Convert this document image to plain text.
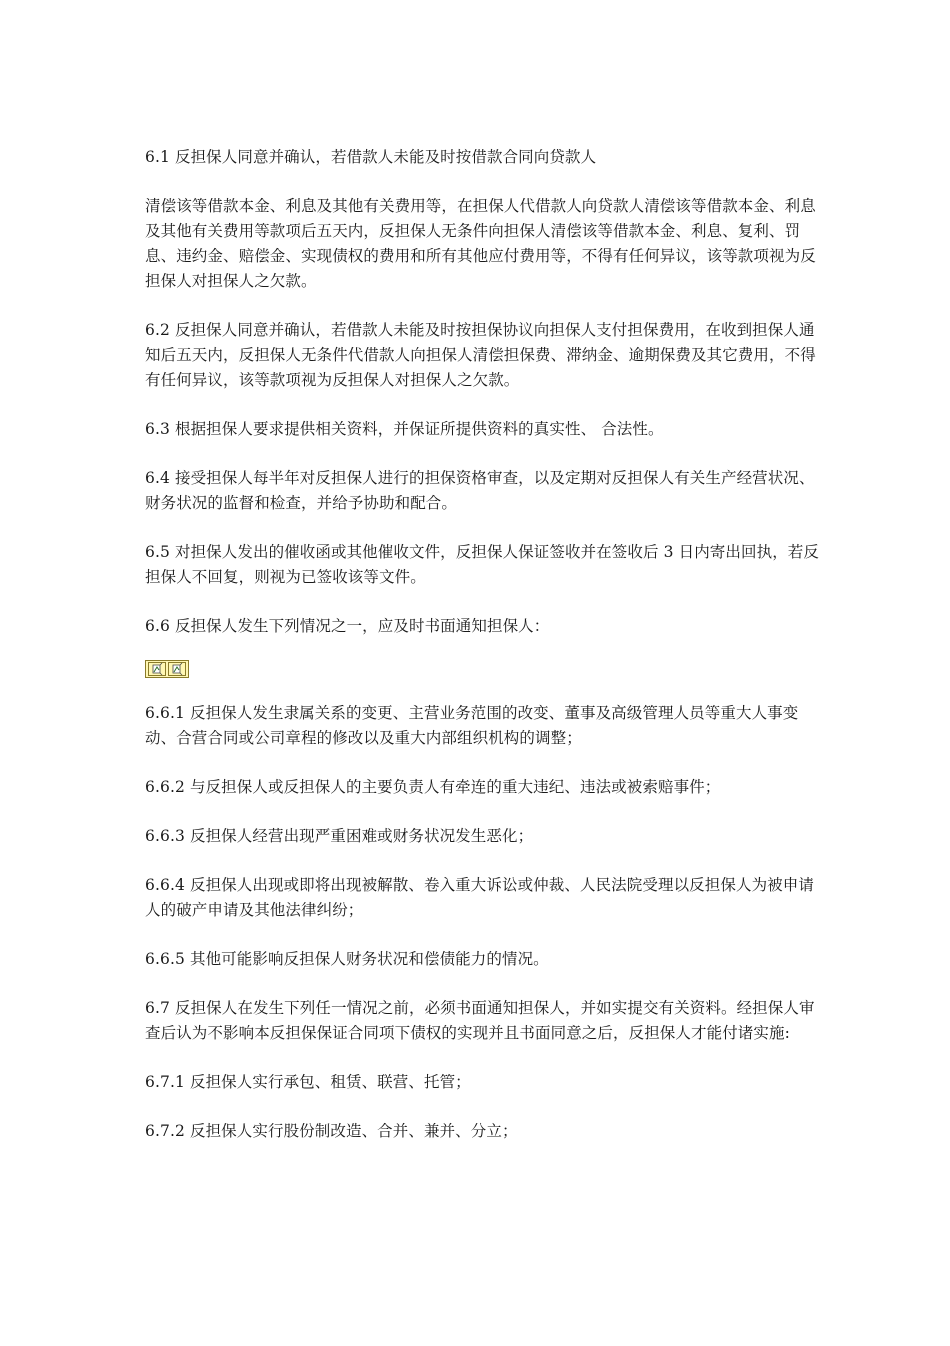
6.1 反担保人同意并确认，若借款人未能及时按借款合同向贷款人

清偿该等借款本金、利息及其他有关费用等，在担保人代借款人向贷款人清偿该等借款本金、利息及其他有关费用等款项后五天内，反担保人无条件向担保人清偿该等借款本金、利息、复利、罚息、违约金、赔偿金、实现债权的费用和所有其他应付费用等，不得有任何异议，该等款项视为反担保人对担保人之欠款。

6.2 反担保人同意并确认，若借款人未能及时按担保协议向担保人支付担保费用，在收到担保人通知后五天内，反担保人无条件代借款人向担保人清偿担保费、滞纳金、逾期保费及其它费用，不得有任何异议，该等款项视为反担保人对担保人之欠款。

6.3 根据担保人要求提供相关资料，并保证所提供资料的真实性、 合法性。

6.4 接受担保人每半年对反担保人进行的担保资格审查，以及定期对反担保人有关生产经营状况、财务状况的监督和检查，并给予协助和配合。

6.5 对担保人发出的催收函或其他催收文件，反担保人保证签收并在签收后 3 日内寄出回执，若反担保人不回复，则视为已签收该等文件。

6.6 反担保人发生下列情况之一，应及时书面通知担保人：

6.6.1 反担保人发生隶属关系的变更、主营业务范围的改变、董事及高级管理人员等重大人事变动、合营合同或公司章程的修改以及重大内部组织机构的调整；

6.6.2 与反担保人或反担保人的主要负责人有牵连的重大违纪、违法或被索赔事件；

6.6.3 反担保人经营出现严重困难或财务状况发生恶化；

6.6.4 反担保人出现或即将出现被解散、卷入重大诉讼或仲裁、人民法院受理以反担保人为被申请人的破产申请及其他法律纠纷；

6.6.5 其他可能影响反担保人财务状况和偿债能力的情况。

6.7 反担保人在发生下列任一情况之前，必须书面通知担保人，并如实提交有关资料。经担保人审查后认为不影响本反担保保证合同项下债权的实现并且书面同意之后，反担保人才能付诸实施:

6.7.1 反担保人实行承包、租赁、联营、托管；

6.7.2 反担保人实行股份制改造、合并、兼并、分立；
